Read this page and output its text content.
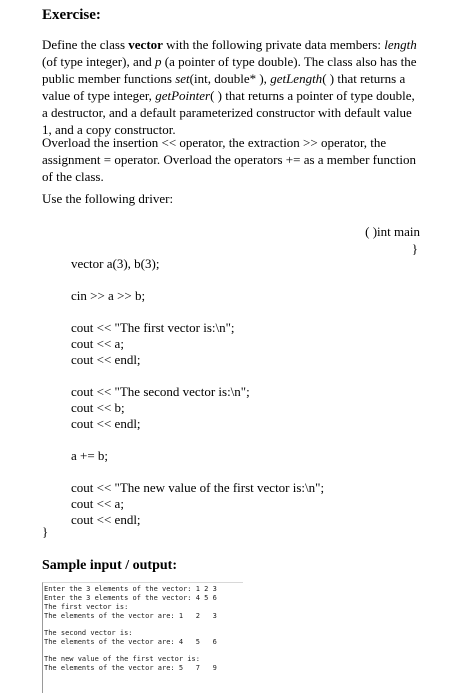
Exercise:
Define the class vector with the following private data members: length (of type integer), and p (a pointer of type double). The class also has the public member functions set(int, double* ), getLength( ) that returns a value of type integer, getPointer( ) that returns a pointer of type double, a destructor, and a default parameterized constructor with default value 1, and a copy constructor.
Overload the insertion << operator, the extraction >> operator, the assignment = operator. Overload the operators += as a member function of the class.
Use the following driver:
( )int main
}
vector a(3), b(3);
cin >> a >> b;
cout << "The first vector is:\n";
cout << a;
cout << endl;
cout << "The second vector is:\n";
cout << b;
cout << endl;
a += b;
cout << "The new value of the first vector is:\n";
cout << a;
cout << endl;
}
Sample input / output:
Enter the 3 elements of the vector: 1 2 3
Enter the 3 elements of the vector: 4 5 6
The first vector is:
The elements of the vector are: 1   2   3
The second vector is:
The elements of the vector are: 4   5   6
The new value of the first vector is:
The elements of the vector are: 5   7   9
